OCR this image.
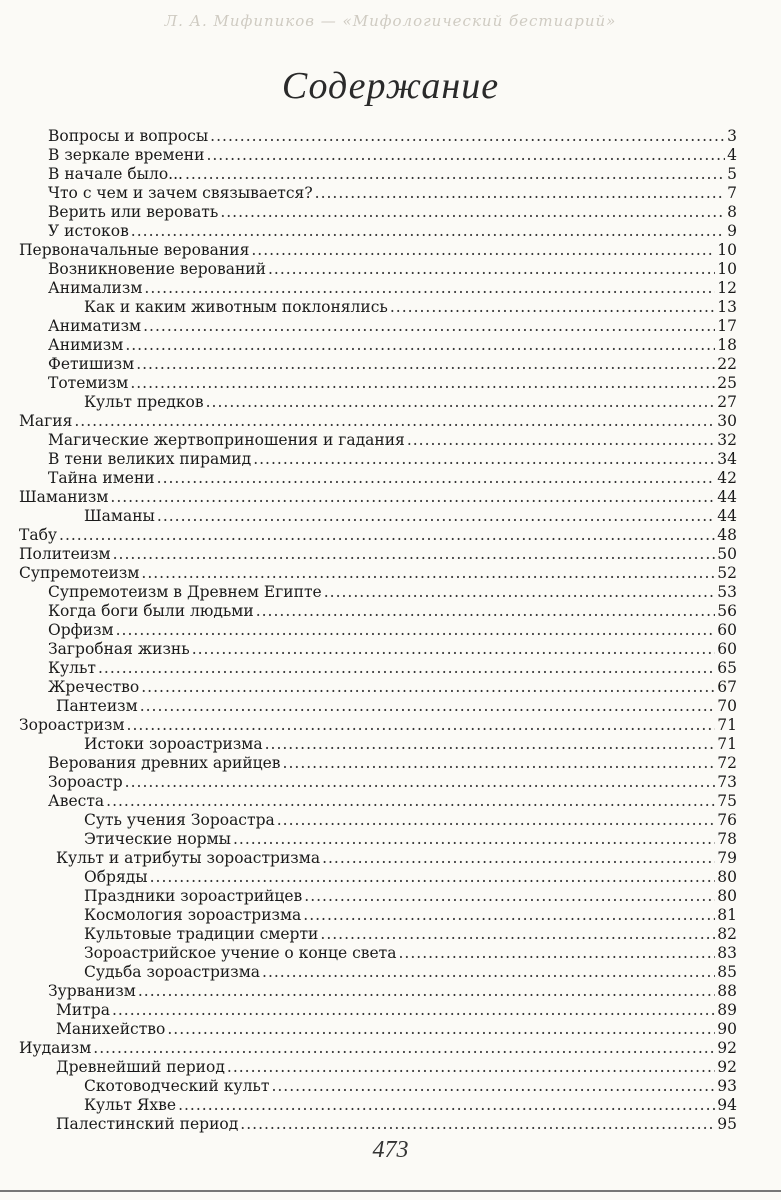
Л. А. Мифипиков — «Мифологический бестиарий»
Содержание
Вопросы и вопросы .....	3
В зеркале времени .....	4
В начале было... .....	5
Что с чем и зачем связывается? .....	7
Верить или веровать .....	8
У истоков .....	9
Первоначальные верования .....	10
Возникновение верований .....	10
Анимализм .....	12
Как и каким животным поклонялись .....	13
Аниматизм .....	17
Анимизм .....	18
Фетишизм .....	22
Тотемизм .....	25
Культ предков .....	27
Магия .....	30
Магические жертвоприношения и гадания .....	32
В тени великих пирамид .....	34
Тайна имени .....	42
Шаманизм .....	44
Шаманы .....	44
Табу .....	48
Политеизм .....	50
Супремотеизм .....	52
Супремотеизм в Древнем Египте .....	53
Когда боги были людьми .....	56
Орфизм .....	60
Загробная жизнь .....	60
Культ .....	65
Жречество .....	67
Пантеизм .....	70
Зороастризм .....	71
Истоки зороастризма .....	71
Верования древних арийцев .....	72
Зороастр .....	73
Авеста .....	75
Суть учения Зороастра .....	76
Этические нормы .....	78
Культ и атрибуты зороастризма .....	79
Обряды .....	80
Праздники зороастрийцев .....	80
Космология зороастризма .....	81
Культовые традиции смерти .....	82
Зороастрийское учение о конце света .....	83
Судьба зороастризма .....	85
Зурванизм .....	88
Митра .....	89
Манихейство .....	90
Иудаизм .....	92
Древнейший период .....	92
Скотоводческий культ .....	93
Культ Яхве .....	94
Палестинский период .....	95
473
